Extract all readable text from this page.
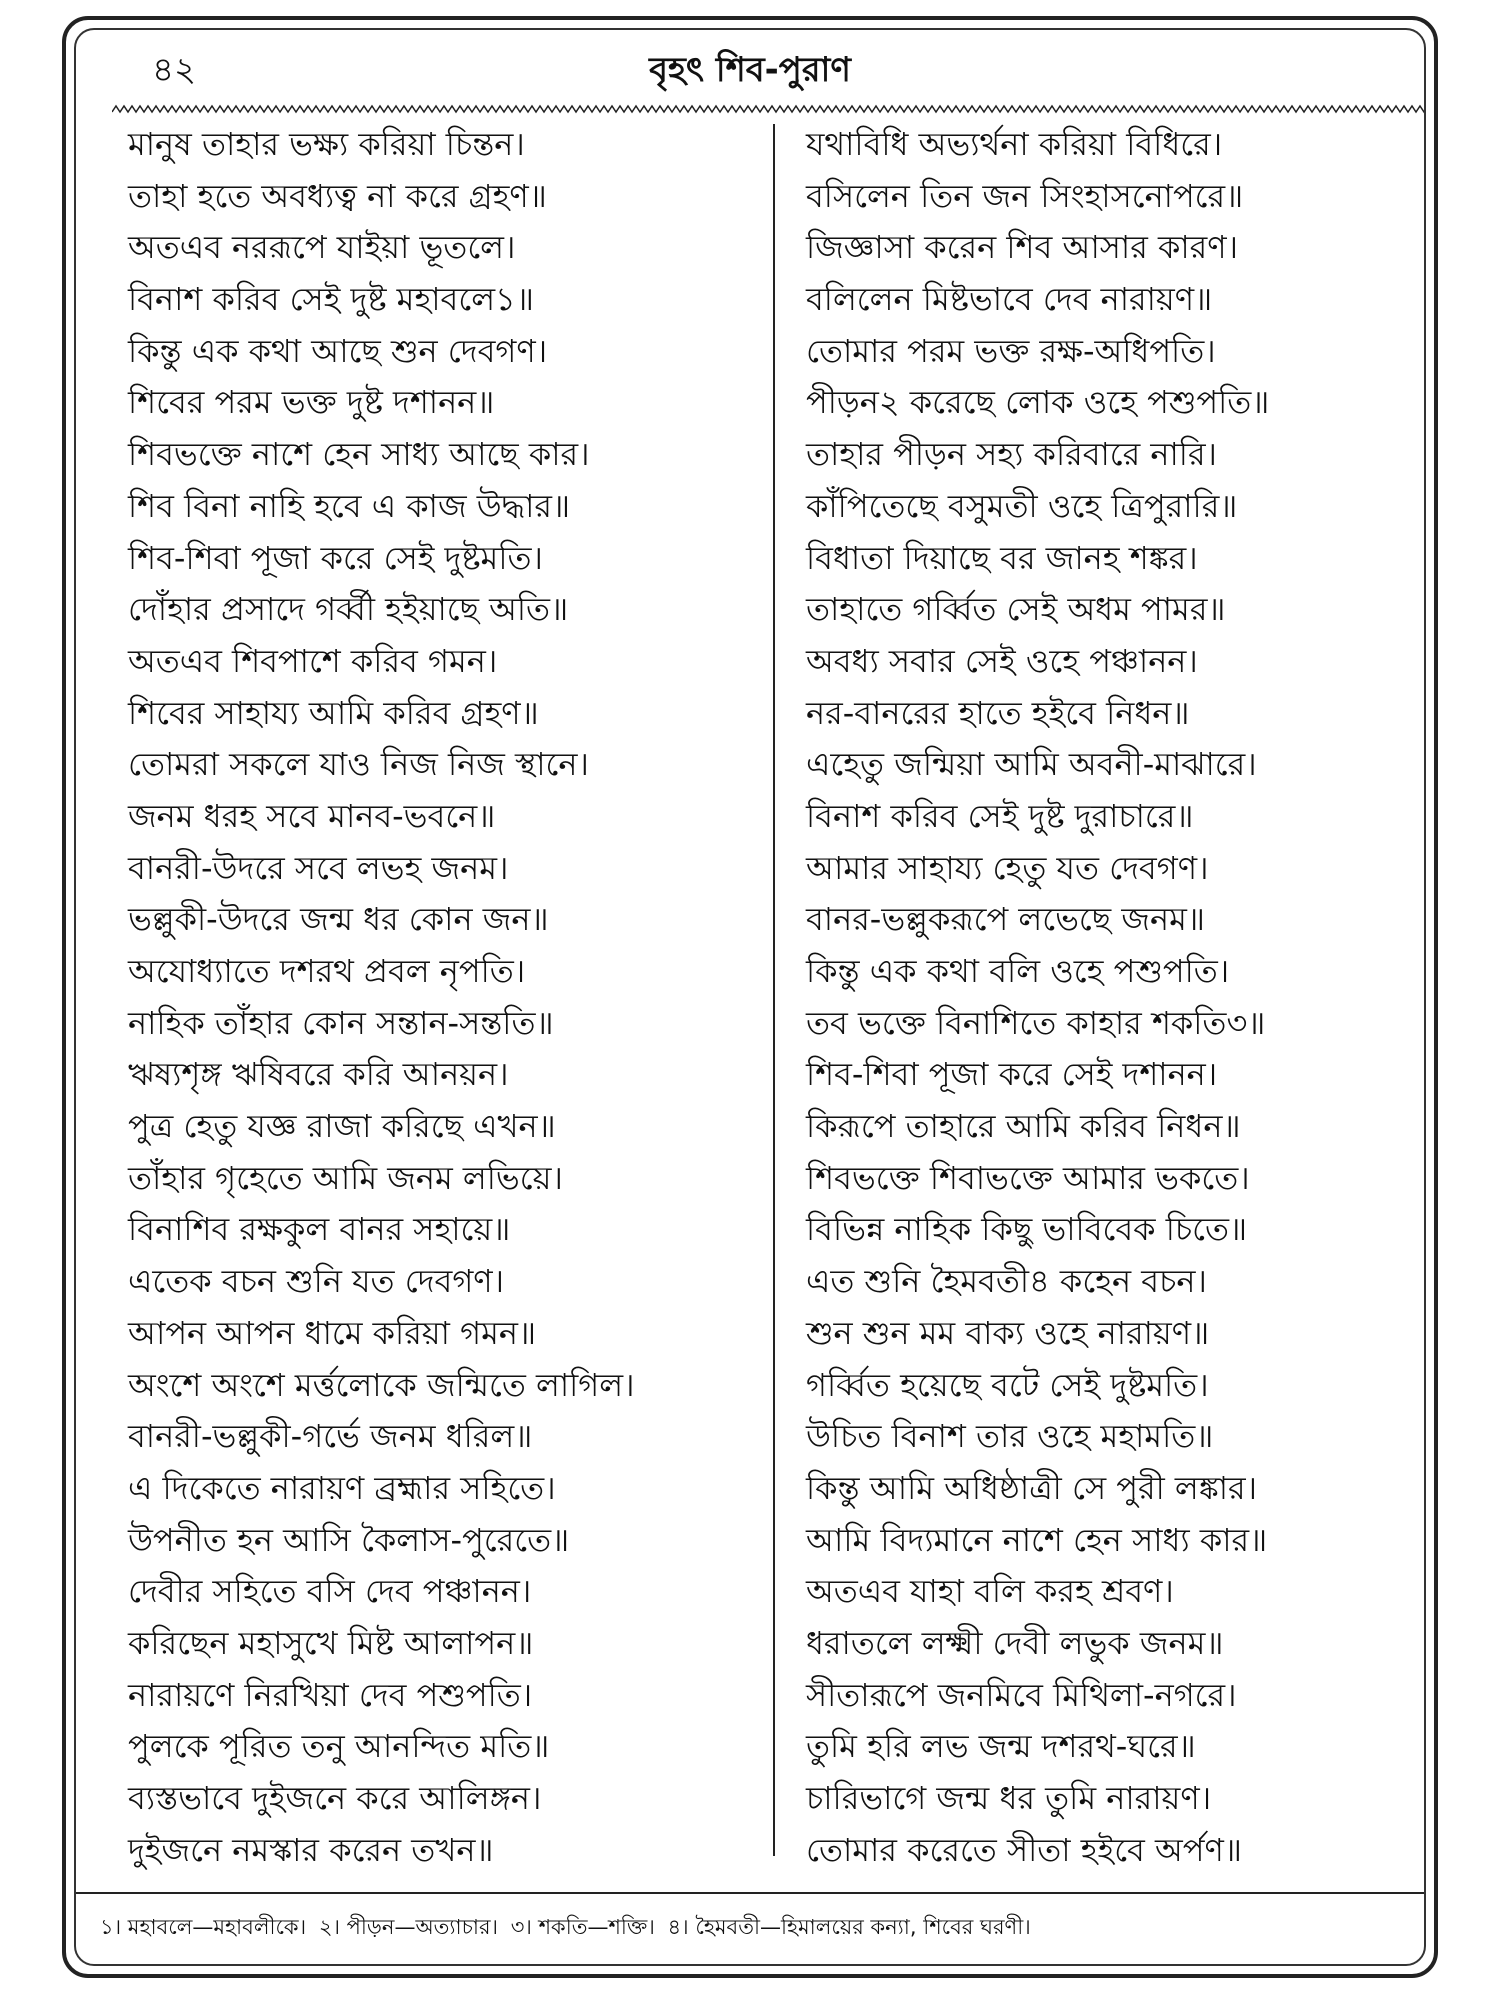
৪২	বৃহৎ শিব-পুরাণ
মানুষ তাহার ভক্ষ্য করিয়া চিন্তন।
তাহা হতে অবধ্যত্ব না করে গ্রহণ॥
অতএব নররূপে যাইয়া ভূতলে।
বিনাশ করিব সেই দুষ্ট মহাবলে১॥
কিন্তু এক কথা আছে শুন দেবগণ।
শিবের পরম ভক্ত দুষ্ট দশানন॥
শিবভক্তে নাশে হেন সাধ্য আছে কার।
শিব বিনা নাহি হবে এ কাজ উদ্ধার॥
শিব-শিবা পূজা করে সেই দুষ্টমতি।
দোঁহার প্রসাদে গর্ব্বী হইয়াছে অতি॥
অতএব শিবপাশে করিব গমন।
শিবের সাহায্য আমি করিব গ্রহণ॥
তোমরা সকলে যাও নিজ নিজ স্থানে।
জনম ধরহ সবে মানব-ভবনে॥
বানরী-উদরে সবে লভহ জনম।
ভল্লুকী-উদরে জন্ম ধর কোন জন॥
অযোধ্যাতে দশরথ প্রবল নৃপতি।
নাহিক তাঁহার কোন সন্তান-সন্ততি॥
ঋষ্যশৃঙ্গ ঋষিবরে করি আনয়ন।
পুত্র হেতু যজ্ঞ রাজা করিছে এখন॥
তাঁহার গৃহেতে আমি জনম লভিয়ে।
বিনাশিব রক্ষকুল বানর সহায়ে॥
এতেক বচন শুনি যত দেবগণ।
আপন আপন ধামে করিয়া গমন॥
অংশে অংশে মর্ত্তলোকে জন্মিতে লাগিল।
বানরী-ভল্লুকী-গর্ভে জনম ধরিল॥
এ দিকেতে নারায়ণ ব্রহ্মার সহিতে।
উপনীত হন আসি কৈলাস-পুরেতে॥
দেবীর সহিতে বসি দেব পঞ্চানন।
করিছেন মহাসুখে মিষ্ট আলাপন॥
নারায়ণে নিরখিয়া দেব পশুপতি।
পুলকে পূরিত তনু আনন্দিত মতি॥
ব্যস্তভাবে দুইজনে করে আলিঙ্গন।
দুইজনে নমস্কার করেন তখন॥
যথাবিধি অভ্যর্থনা করিয়া বিধিরে।
বসিলেন তিন জন সিংহাসনোপরে॥
জিজ্ঞাসা করেন শিব আসার কারণ।
বলিলেন মিষ্টভাবে দেব নারায়ণ॥
তোমার পরম ভক্ত রক্ষ-অধিপতি।
পীড়ন২ করেছে লোক ওহে পশুপতি॥
তাহার পীড়ন সহ্য করিবারে নারি।
কাঁপিতেছে বসুমতী ওহে ত্রিপুরারি॥
বিধাতা দিয়াছে বর জানহ শঙ্কর।
তাহাতে গর্ব্বিত সেই অধম পামর॥
অবধ্য সবার সেই ওহে পঞ্চানন।
নর-বানরের হাতে হইবে নিধন॥
এহেতু জন্মিয়া আমি অবনী-মাঝারে।
বিনাশ করিব সেই দুষ্ট দুরাচারে॥
আমার সাহায্য হেতু যত দেবগণ।
বানর-ভল্লুকরূপে লভেছে জনম॥
কিন্তু এক কথা বলি ওহে পশুপতি।
তব ভক্তে বিনাশিতে কাহার শকতি৩॥
শিব-শিবা পূজা করে সেই দশানন।
কিরূপে তাহারে আমি করিব নিধন॥
শিবভক্তে শিবাভক্তে আমার ভকতে।
বিভিন্ন নাহিক কিছু ভাবিবেক চিতে॥
এত শুনি হৈমবতী৪ কহেন বচন।
শুন শুন মম বাক্য ওহে নারায়ণ॥
গর্ব্বিত হয়েছে বটে সেই দুষ্টমতি।
উচিত বিনাশ তার ওহে মহামতি॥
কিন্তু আমি অধিষ্ঠাত্রী সে পুরী লঙ্কার।
আমি বিদ্যমানে নাশে হেন সাধ্য কার॥
অতএব যাহা বলি করহ শ্রবণ।
ধরাতলে লক্ষ্মী দেবী লভুক জনম॥
সীতারূপে জনমিবে মিথিলা-নগরে।
তুমি হরি লভ জন্ম দশরথ-ঘরে॥
চারিভাগে জন্ম ধর তুমি নারায়ণ।
তোমার করেতে সীতা হইবে অর্পণ॥
১। মহাবলে—মহাবলীকে। ২। পীড়ন—অত্যাচার। ৩। শকতি—শক্তি। ৪। হৈমবতী—হিমালয়ের কন্যা, শিবের ঘরণী।
